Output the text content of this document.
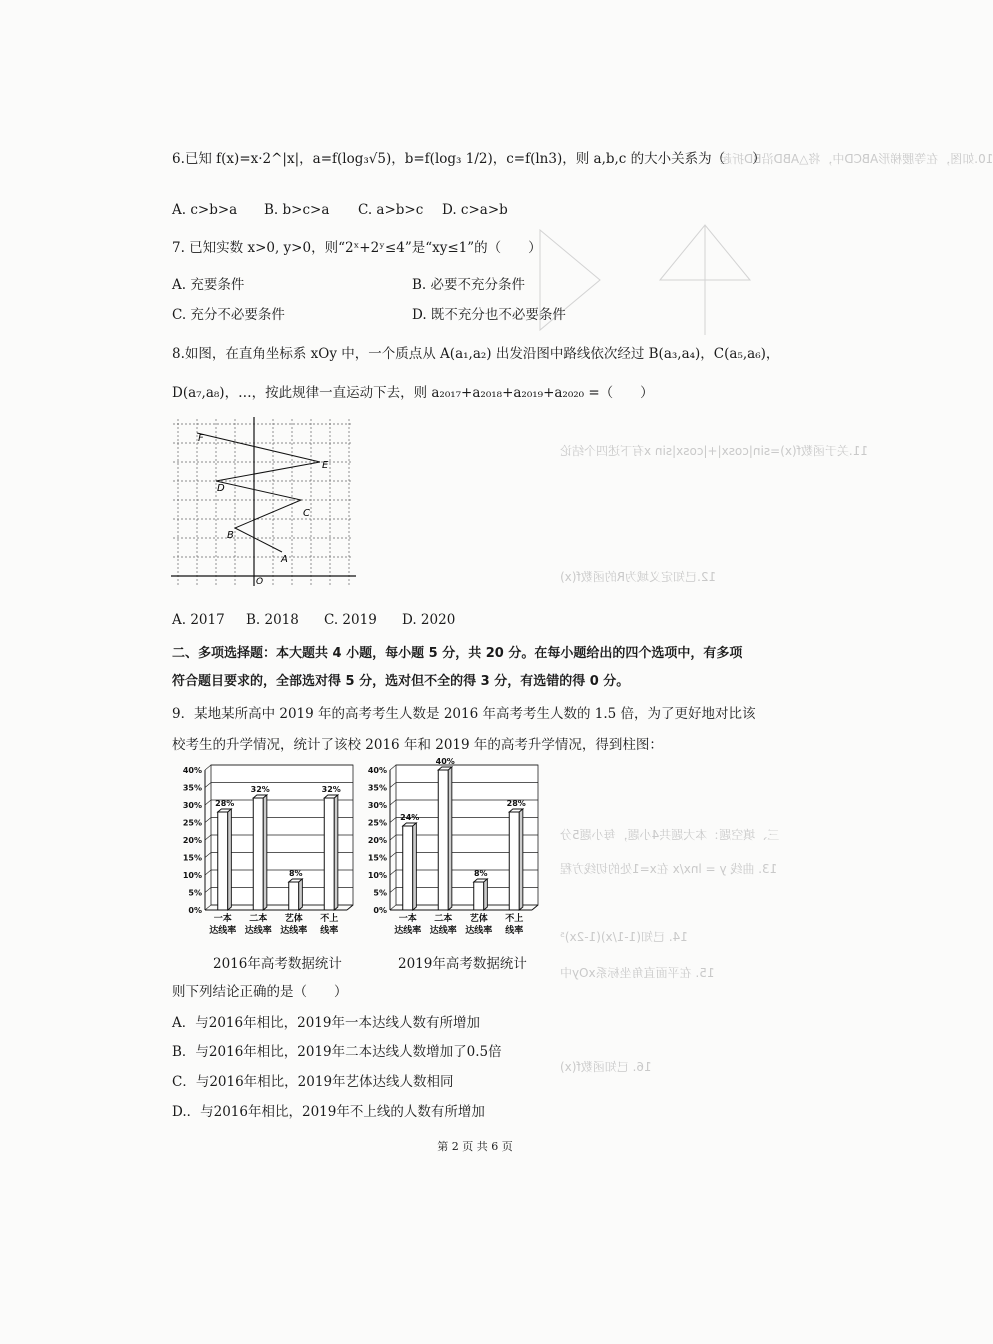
10.如图，在等腰梯形ABCD中，将△ABD沿BD折起
11.关于函数f(x)=sin|cosx|+|cosx|sin x有下述四个结论
12.已知定义域为R的函数f(x)
三、填空题：本大题共4小题，每小题5分
13. 曲线 y = lnx/x 在x=1处的切线方程
14. 已知(1-1/x)(1-2x)⁵
15. 在平面直角坐标系xOy中
16. 已知函数f(x)
6.已知 f(x)=x·2^|x|，a=f(log₃√5)，b=f(log₃ 1/2)，c=f(ln3)，则 a,b,c 的大小关系为（　　）
A. c>b>a B. b>c>a C. a>b>c D. c>a>b
7. 已知实数 x>0, y>0，则“2ˣ+2ʸ≤4”是“xy≤1”的（　　）
A. 充要条件	B. 必要不充分条件
C. 充分不必要条件	D. 既不充分也不必要条件
8.如图，在直角坐标系 xOy 中，一个质点从 A(a₁,a₂) 出发沿图中路线依次经过 B(a₃,a₄)，C(a₅,a₆)，
D(a₇,a₈)，…，按此规律一直运动下去，则 a₂₀₁₇+a₂₀₁₈+a₂₀₁₉+a₂₀₂₀ =（　　）
F
E
D
C
B
A
O
A. 2017 B. 2018 C. 2019 D. 2020
二、多项选择题：本大题共 4 小题，每小题 5 分，共 20 分。在每小题给出的四个选项中，有多项
符合题目要求的，全部选对得 5 分，选对但不全的得 3 分，有选错的得 0 分。
9．某地某所高中 2019 年的高考考生人数是 2016 年高考考生人数的 1.5 倍，为了更好地对比该
校考生的升学情况，统计了该校 2016 年和 2019 年的高考升学情况，得到柱图：
0%
5%
10%
15%
20%
25%
30%
35%
40%
28%
一本达线率
32%
二本达线率
8%
艺体达线率
32%
不上线率
0%
5%
10%
15%
20%
25%
30%
35%
40%
24%
一本达线率
40%
二本达线率
8%
艺体达线率
28%
不上线率
2016年高考数据统计	2019年高考数据统计
则下列结论正确的是（　　）
A．与2016年相比，2019年一本达线人数有所增加
B．与2016年相比，2019年二本达线人数增加了0.5倍
C．与2016年相比，2019年艺体达线人数相同
D.．与2016年相比，2019年不上线的人数有所增加
第 2 页 共 6 页
